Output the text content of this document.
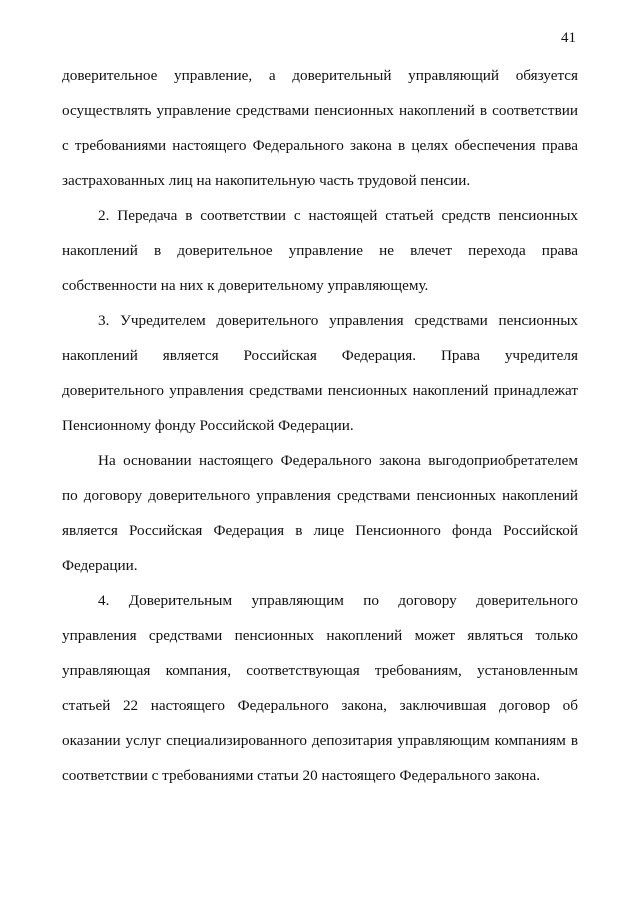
41

доверительное управление, а доверительный управляющий обязуется осуществлять управление средствами пенсионных накоплений в соответствии с требованиями настоящего Федерального закона в целях обеспечения права застрахованных лиц на накопительную часть трудовой пенсии.

2. Передача в соответствии с настоящей статьей средств пенсионных накоплений в доверительное управление не влечет перехода права собственности на них к доверительному управляющему.

3. Учредителем доверительного управления средствами пенсионных накоплений является Российская Федерация. Права учредителя доверительного управления средствами пенсионных накоплений принадлежат Пенсионному фонду Российской Федерации.

На основании настоящего Федерального закона выгодоприобретателем по договору доверительного управления средствами пенсионных накоплений является Российская Федерация в лице Пенсионного фонда Российской Федерации.

4. Доверительным управляющим по договору доверительного управления средствами пенсионных накоплений может являться только управляющая компания, соответствующая требованиям, установленным статьей 22 настоящего Федерального закона, заключившая договор об оказании услуг специализированного депозитария управляющим компаниям в соответствии с требованиями статьи 20 настоящего Федерального закона.
